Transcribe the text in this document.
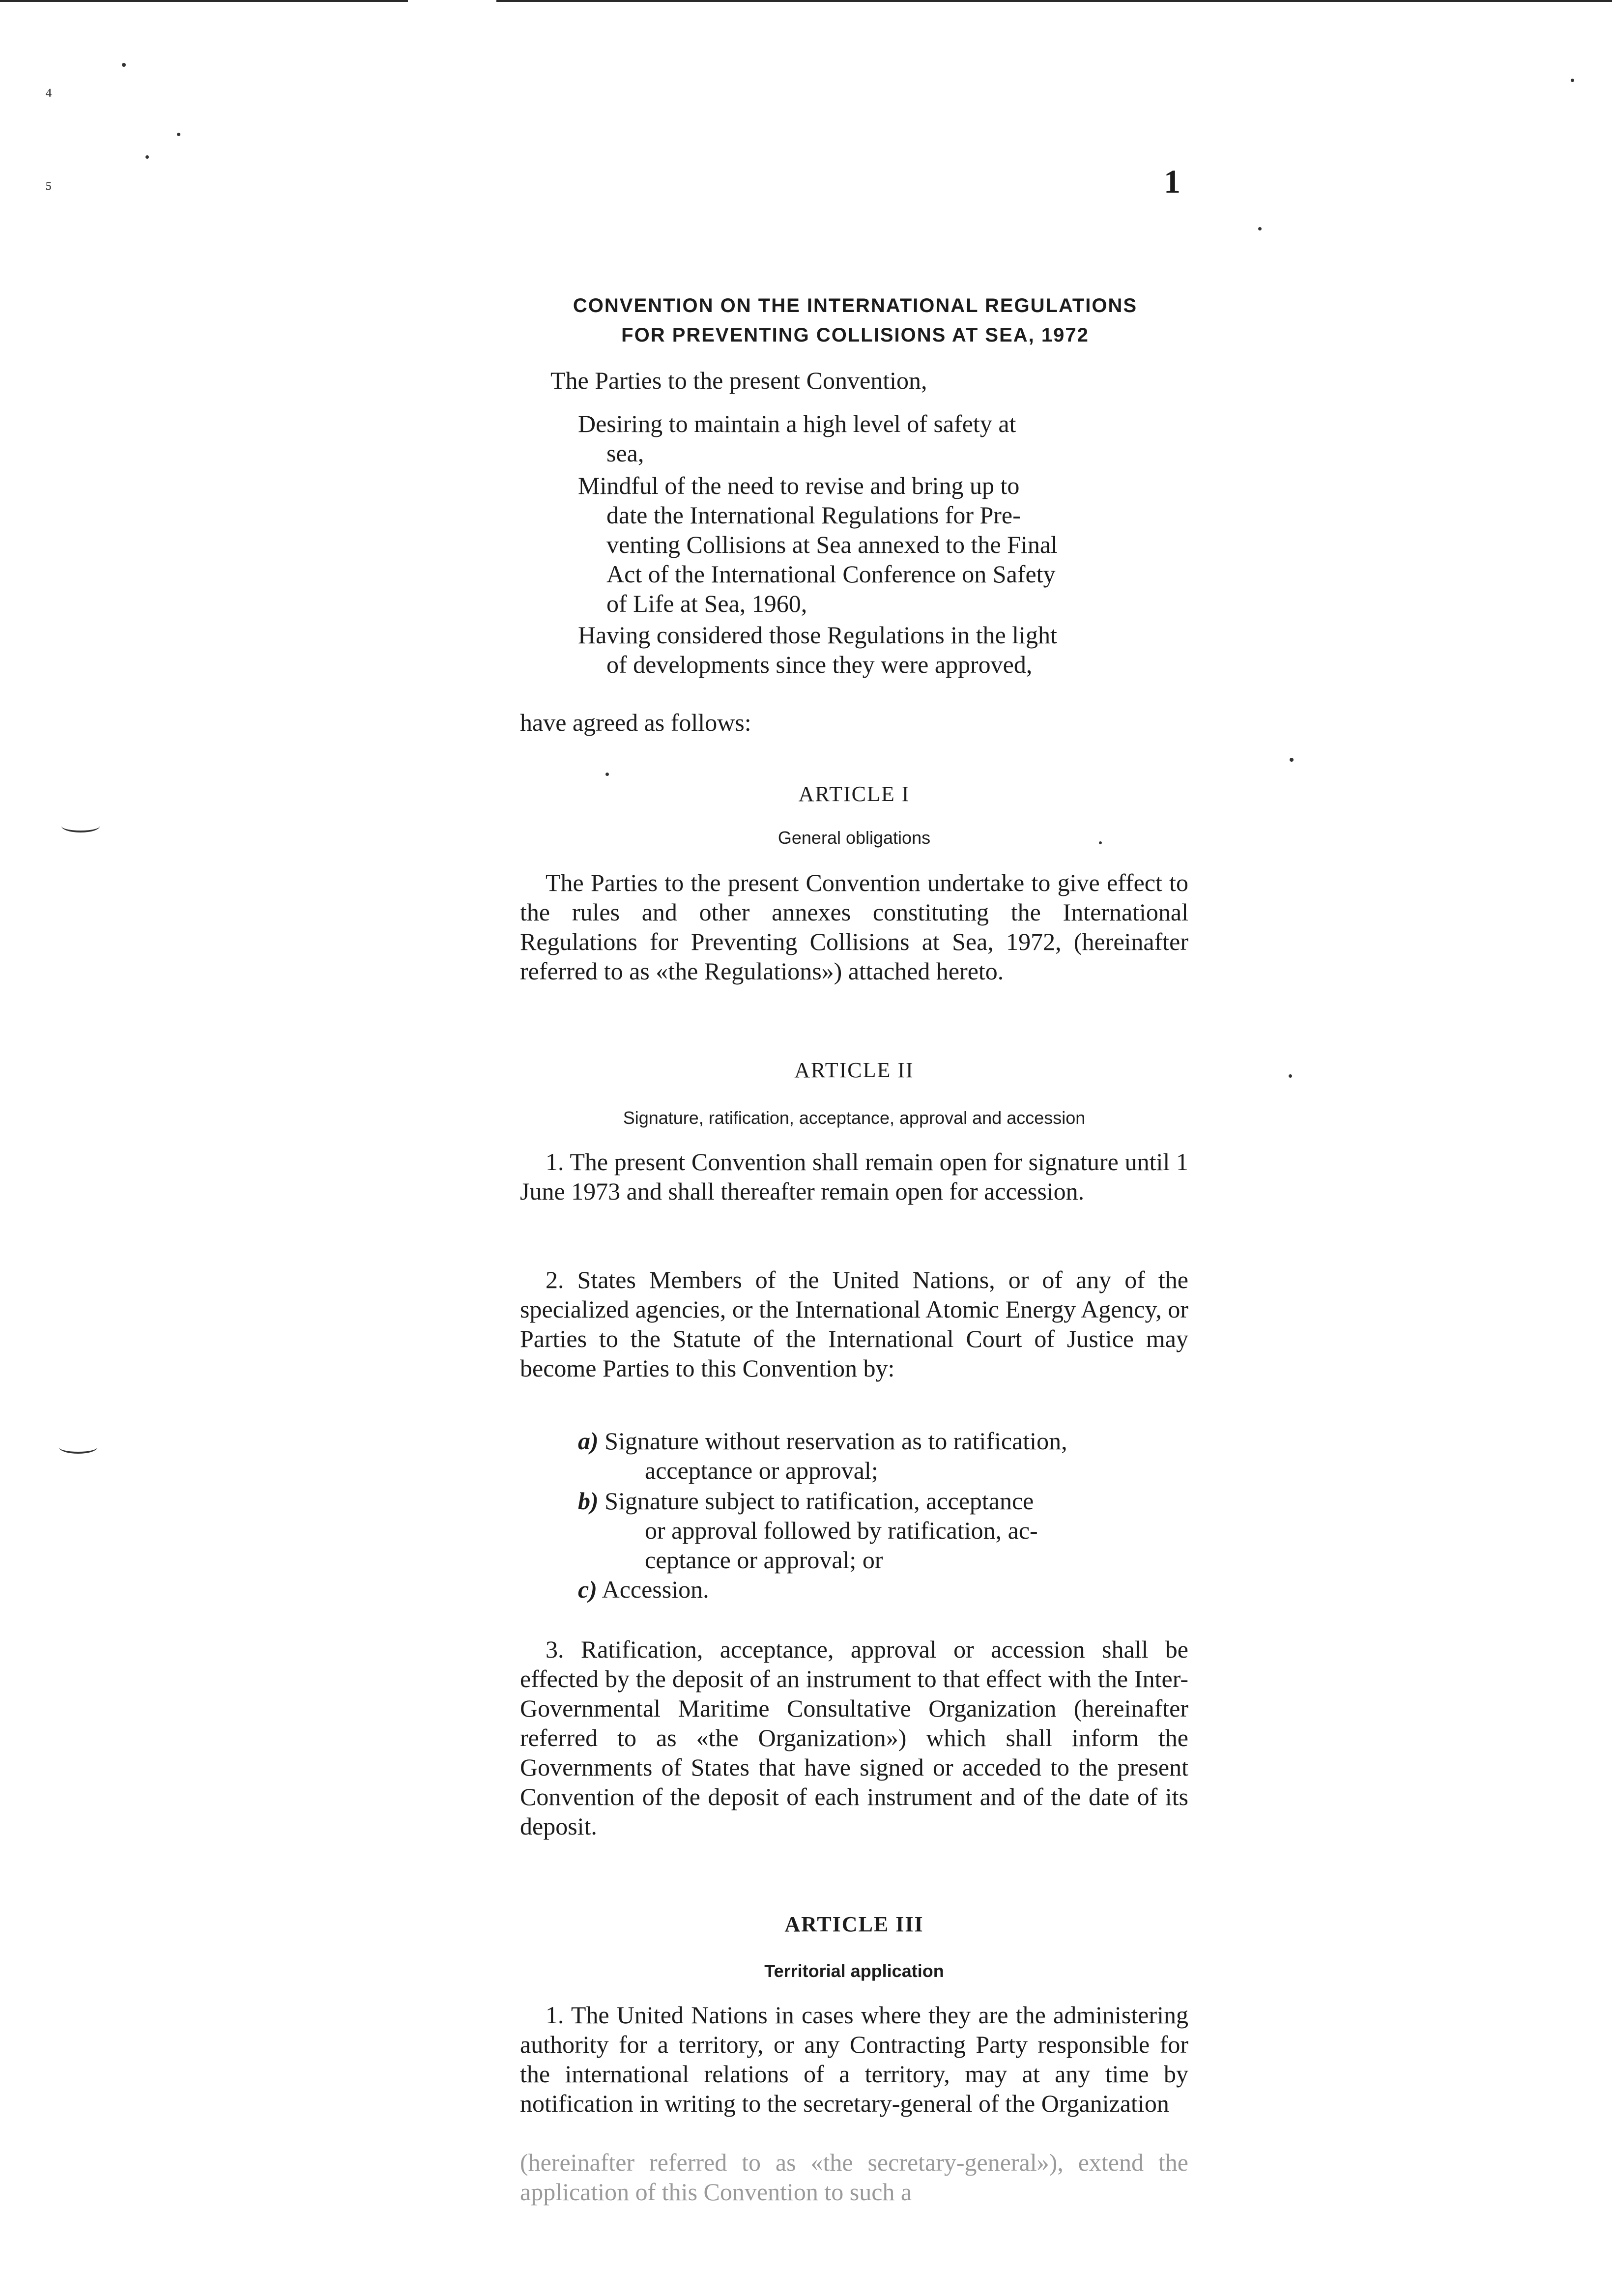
⁴
⁵	1
CONVENTION ON THE INTERNATIONAL REGULATIONS
FOR PREVENTING COLLISIONS AT SEA, 1972

The Parties to the present Convention,

Desiring to maintain a high level of safety at
sea,

Mindful of the need to revise and bring up to
date the International Regulations for Pre-
venting Collisions at Sea annexed to the Final
Act of the International Conference on Safety
of Life at Sea, 1960,

Having considered those Regulations in the light
of developments since they were approved,

have agreed as follows:

ARTICLE I

General obligations

The Parties to the present Convention undertake to give effect to the rules and other annexes constituting the International Regulations for Preventing Collisions at Sea, 1972, (hereinafter referred to as «the Regulations») attached hereto.

ARTICLE II

Signature, ratification, acceptance, approval and accession

1. The present Convention shall remain open for signature until 1 June 1973 and shall thereafter remain open for accession.

2. States Members of the United Nations, or of any of the specialized agencies, or the International Atomic Energy Agency, or Parties to the Statute of the International Court of Justice may become Parties to this Convention by:

a) Signature without reservation as to ratification,
acceptance or approval;

b) Signature subject to ratification, acceptance
or approval followed by ratification, ac-
ceptance or approval; or

c) Accession.

3. Ratification, acceptance, approval or accession shall be effected by the deposit of an instrument to that effect with the Inter-Governmental Maritime Consultative Organization (hereinafter referred to as «the Organization») which shall inform the Governments of States that have signed or acceded to the present Convention of the deposit of each instrument and of the date of its deposit.

ARTICLE III

Territorial application

1. The United Nations in cases where they are the administering authority for a territory, or any Contracting Party responsible for the international relations of a territory, may at any time by notification in writing to the secretary-general of the Organization

(hereinafter referred to as «the secretary-general»), extend the application of this Convention to such a
